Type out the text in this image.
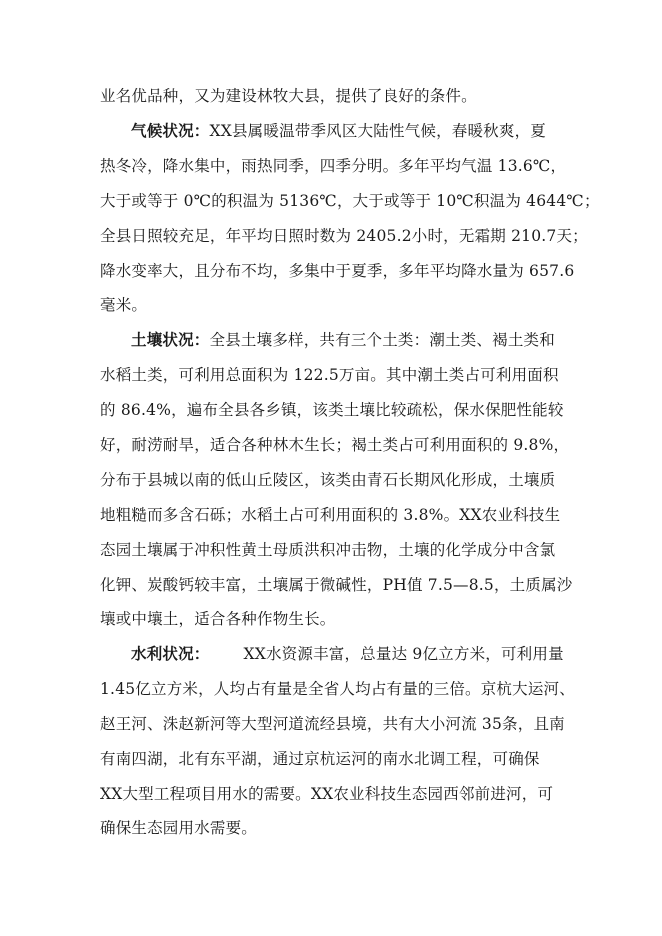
业名优品种，又为建设林牧大县，提供了良好的条件。
气候状况：XX县属暖温带季风区大陆性气候，春暖秋爽，夏
热冬冷，降水集中，雨热同季，四季分明。多年平均气温 13.6℃，
大于或等于 0℃的积温为 5136℃，大于或等于 10℃积温为 4644℃；
全县日照较充足，年平均日照时数为 2405.2小时，无霜期 210.7天；
降水变率大，且分布不均，多集中于夏季，多年平均降水量为 657.6
毫米。
土壤状况：全县土壤多样，共有三个土类：潮土类、褐土类和
水稻土类，可利用总面积为 122.5万亩。其中潮土类占可利用面积
的 86.4%，遍布全县各乡镇，该类土壤比较疏松，保水保肥性能较
好，耐涝耐旱，适合各种林木生长；褐土类占可利用面积的 9.8%，
分布于县城以南的低山丘陵区，该类由青石长期风化形成，土壤质
地粗糙而多含石砾；水稻土占可利用面积的 3.8%。XX农业科技生
态园土壤属于冲积性黄土母质洪积冲击物，土壤的化学成分中含氯
化钾、炭酸钙较丰富，土壤属于微碱性，PH值 7.5—8.5，土质属沙
壤或中壤土，适合各种作物生长。
水利状况： XX水资源丰富，总量达 9亿立方米，可利用量
1.45亿立方米，人均占有量是全省人均占有量的三倍。京杭大运河、
赵王河、洙赵新河等大型河道流经县境，共有大小河流 35条，且南
有南四湖，北有东平湖，通过京杭运河的南水北调工程，可确保
XX大型工程项目用水的需要。XX农业科技生态园西邻前进河，可
确保生态园用水需要。
